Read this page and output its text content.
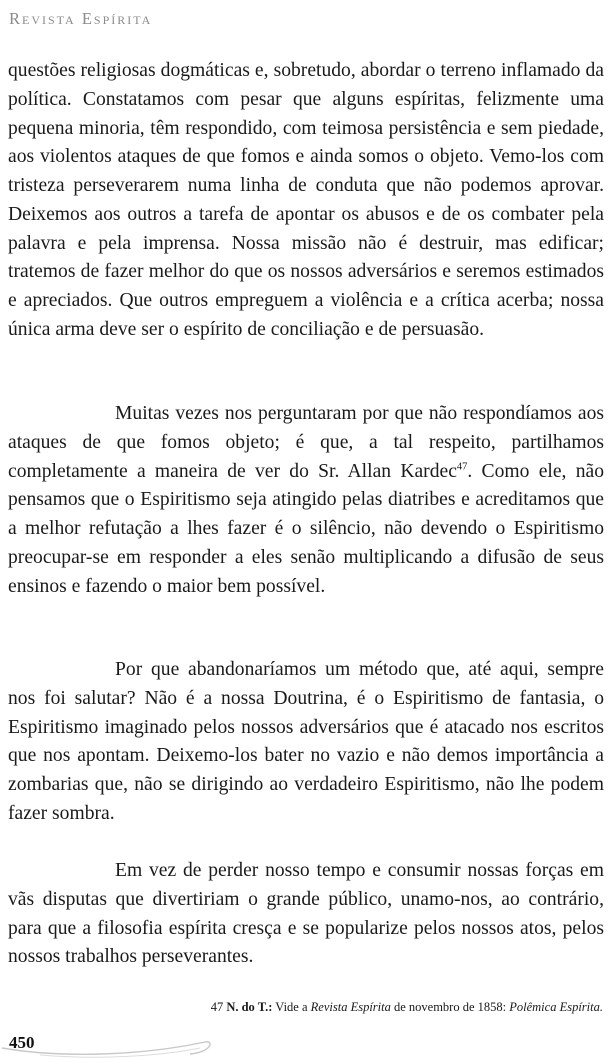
Revista Espírita

questões religiosas dogmáticas e, sobretudo, abordar o terreno inflamado da política. Constatamos com pesar que alguns espíritas, felizmente uma pequena minoria, têm respondido, com teimosa persistência e sem piedade, aos violentos ataques de que fomos e ainda somos o objeto. Vemo-los com tristeza perseverarem numa linha de conduta que não podemos aprovar. Deixemos aos outros a tarefa de apontar os abusos e de os combater pela palavra e pela imprensa. Nossa missão não é destruir, mas edificar; tratemos de fazer melhor do que os nossos adversários e seremos estimados e apreciados. Que outros empreguem a violência e a crítica acerba; nossa única arma deve ser o espírito de conciliação e de persuasão.

Muitas vezes nos perguntaram por que não respondíamos aos ataques de que fomos objeto; é que, a tal respeito, partilhamos completamente a maneira de ver do Sr. Allan Kardec$^{47}$. Como ele, não pensamos que o Espiritismo seja atingido pelas diatribes e acreditamos que a melhor refutação a lhes fazer é o silêncio, não devendo o Espiritismo preocupar-se em responder a eles senão multiplicando a difusão de seus ensinos e fazendo o maior bem possível.

Por que abandonaríamos um método que, até aqui, sempre nos foi salutar? Não é a nossa Doutrina, é o Espiritismo de fantasia, o Espiritismo imaginado pelos nossos adversários que é atacado nos escritos que nos apontam. Deixemo-los bater no vazio e não demos importância a zombarias que, não se dirigindo ao verdadeiro Espiritismo, não lhe podem fazer sombra.

Em vez de perder nosso tempo e consumir nossas forças em vãs disputas que divertiriam o grande público, unamo-nos, ao contrário, para que a filosofia espírita cresça e se popularize pelos nossos atos, pelos nossos trabalhos perseverantes.

47 N. do T.: Vide a Revista Espírita de novembro de 1858: Polêmica Espírita.
450
